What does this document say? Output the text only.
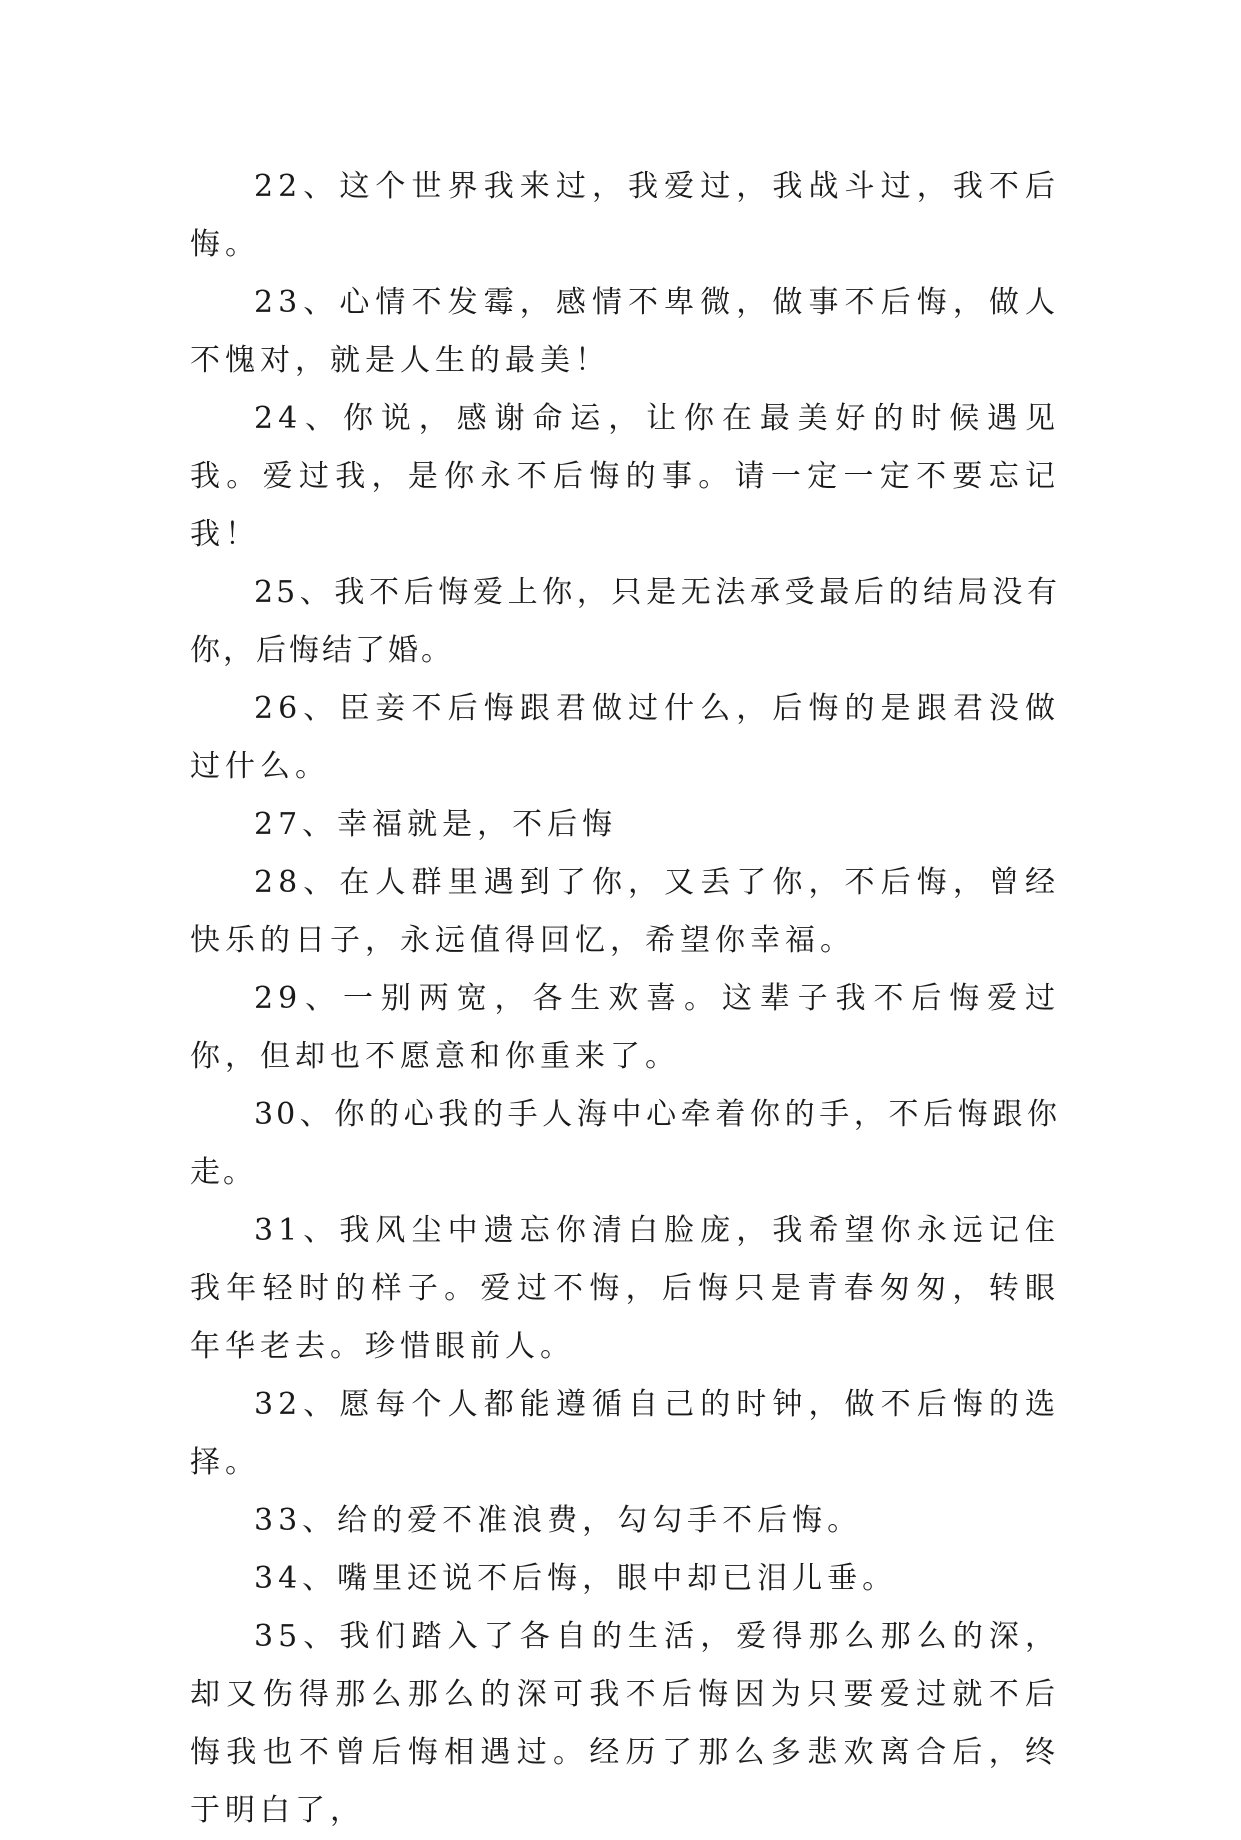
22、这个世界我来过，我爱过，我战斗过，我不后悔。

23、心情不发霉，感情不卑微，做事不后悔，做人不愧对，就是人生的最美！

24、你说，感谢命运，让你在最美好的时候遇见我。爱过我，是你永不后悔的事。请一定一定不要忘记我！

25、我不后悔爱上你，只是无法承受最后的结局没有你，后悔结了婚。

26、臣妾不后悔跟君做过什么，后悔的是跟君没做过什么。

27、幸福就是，不后悔

28、在人群里遇到了你，又丢了你，不后悔，曾经快乐的日子，永远值得回忆，希望你幸福。

29、一别两宽，各生欢喜。这辈子我不后悔爱过你，但却也不愿意和你重来了。

30、你的心我的手人海中心牵着你的手，不后悔跟你走。

31、我风尘中遗忘你清白脸庞，我希望你永远记住我年轻时的样子。爱过不悔，后悔只是青春匆匆，转眼年华老去。珍惜眼前人。

32、愿每个人都能遵循自己的时钟，做不后悔的选择。

33、给的爱不准浪费，勾勾手不后悔。

34、嘴里还说不后悔，眼中却已泪儿垂。

35、我们踏入了各自的生活，爱得那么那么的深，却又伤得那么那么的深可我不后悔因为只要爱过就不后悔我也不曾后悔相遇过。经历了那么多悲欢离合后，终于明白了，
